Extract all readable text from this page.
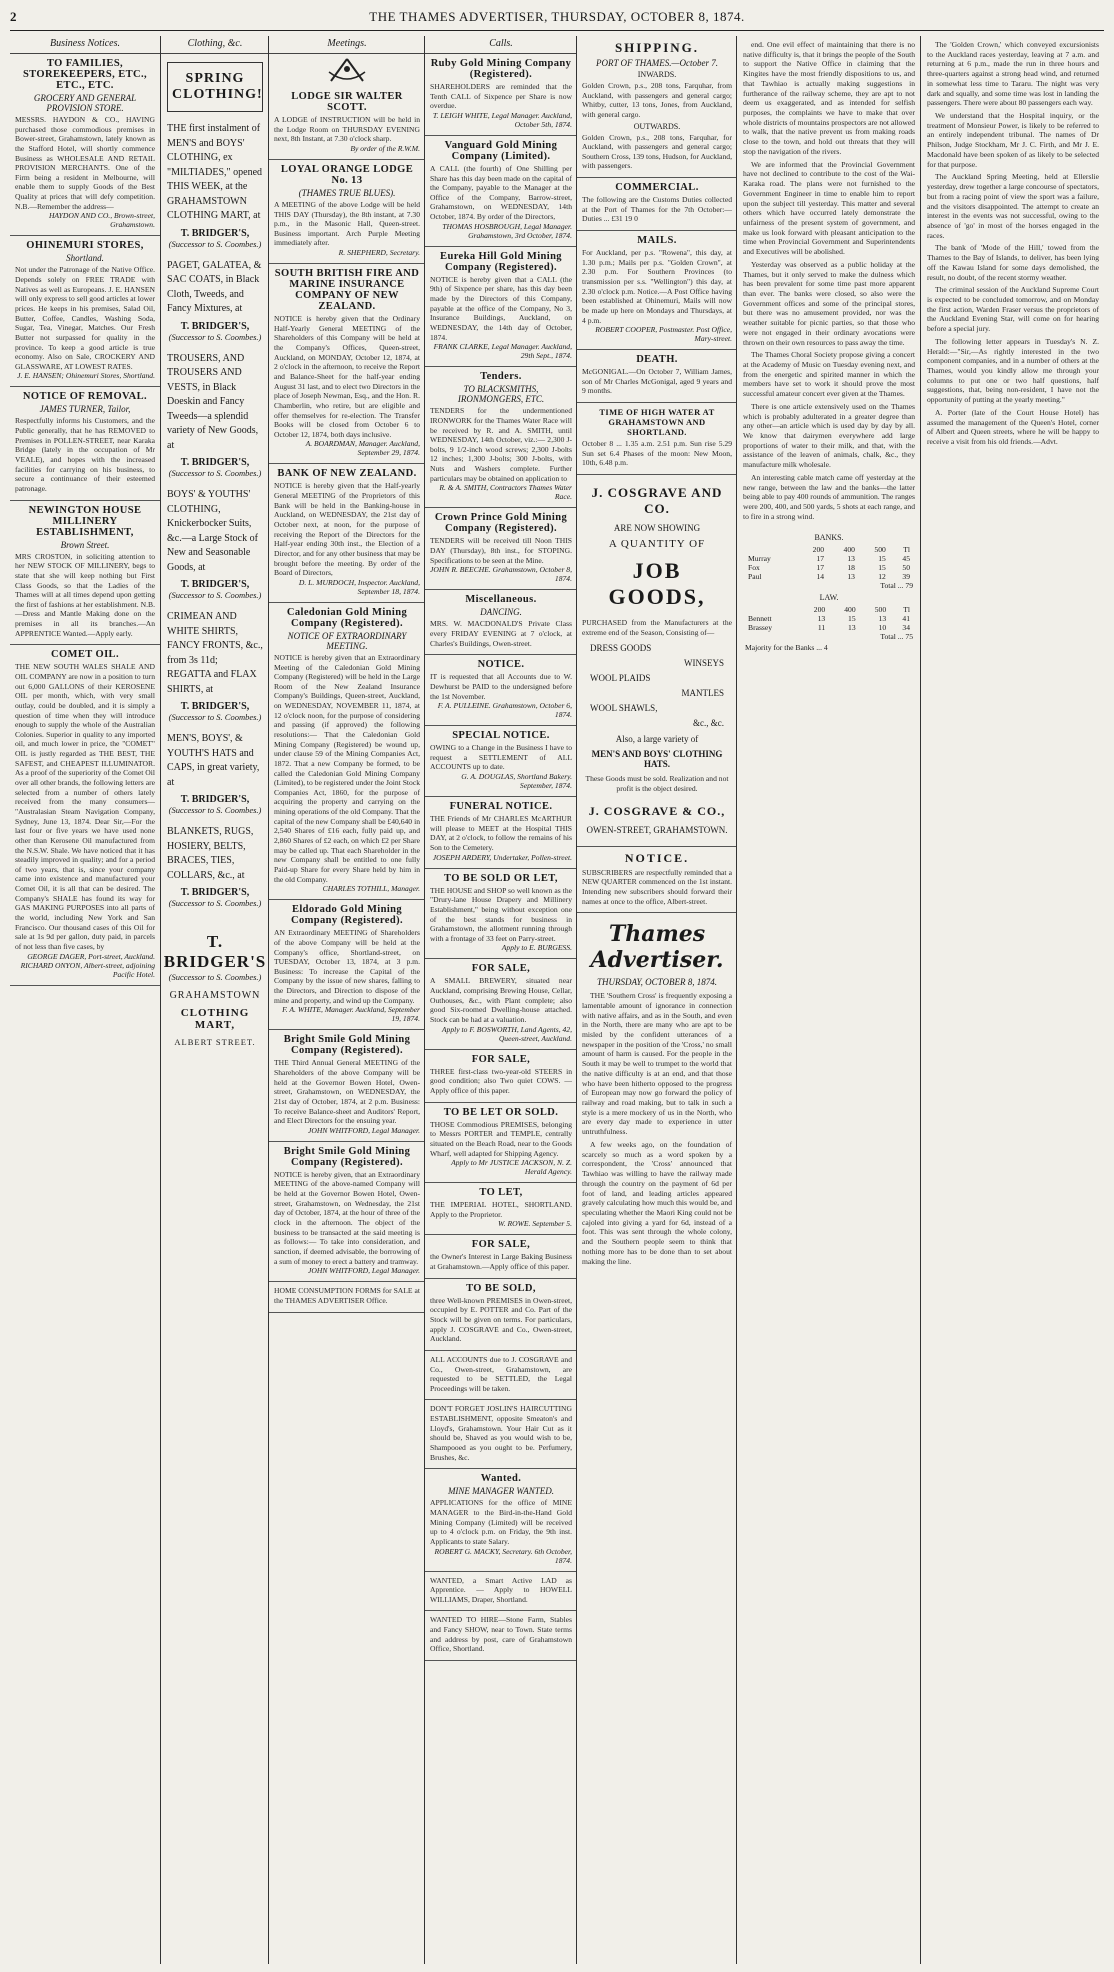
2	THE THAMES ADVERTISER, THURSDAY, OCTOBER 8, 1874.
Business Notices.
TO FAMILIES, STOREKEEPERS, ETC., ETC., ETC.
GROCERY AND GENERAL PROVISION STORE.

MESSRS. HAYDON & CO., HAVING purchased those commodious premises in Bower-street, Grahamstown, lately known as the Stafford Hotel, will shortly commence Business as WHOLESALE AND RETAIL PROVISION MERCHANTS. One of the Firm being a resident in Melbourne, will enable them to supply Goods of the Best Quality at prices that will defy competition. N.B.—Remember the address—

HAYDON AND CO., Brown-street, Grahamstown.
OHINEMURI STORES,
Shortland.

Not under the Patronage of the Native Office. Depends solely on FREE TRADE with Natives as well as Europeans. J. E. HANSEN will only express to sell good articles at lower prices. He keeps in his premises, Salad Oil, Butter, Coffee, Candles, Washing Soda, Sugar, Tea, Vinegar, Matches. Our Fresh Butter not surpassed for quality in the province. To keep a good article is true economy. Also on Sale, CROCKERY AND GLASSWARE, AT LOWEST RATES.

J. E. HANSEN; Ohinemuri Stores, Shortland.
NOTICE OF REMOVAL.
JAMES TURNER, Tailor,

Respectfully informs his Customers, and the Public generally, that he has REMOVED to Premises in POLLEN-STREET, near Karaka Bridge (lately in the occupation of Mr VEALE), and hopes with the increased facilities for carrying on his business, to secure a continuance of their esteemed patronage.

NEWINGTON HOUSE MILLINERY ESTABLISHMENT,
Brown Street.

MRS CROSTON, in soliciting attention to her NEW STOCK OF MILLINERY, begs to state that she will keep nothing but First Class Goods, so that the Ladies of the Thames will at all times depend upon getting the first of fashions at her establishment. N.B.—Dress and Mantle Making done on the premises in all its branches.—An APPRENTICE Wanted.—Apply early.

COMET OIL.

THE NEW SOUTH WALES SHALE AND OIL COMPANY are now in a position to turn out 6,000 GALLONS of their KEROSENE OIL per month, which, with very small outlay, could be doubled, and it is simply a question of time when they will introduce enough to supply the whole of the Australian Colonies. Superior in quality to any imported oil, and much lower in price, the "COMET" OIL is justly regarded as THE BEST, THE SAFEST, and CHEAPEST ILLUMINATOR. As a proof of the superiority of the Comet Oil over all other brands, the following letters are selected from a number of others lately received from the many consumers— "Australasian Steam Navigation Company, Sydney, June 13, 1874. Dear Sir,—For the last four or five years we have used none other than Kerosene Oil manufactured from the N.S.W. Shale. We have noticed that it has steadily improved in quality; and for a period of two years, that is, since your company came into existence and manufactured your Comet Oil, it is all that can be desired. The Company's SHALE has found its way for GAS MAKING PURPOSES into all parts of the world, including New York and San Francisco. Our thousand cases of this Oil for sale at 1s 9d per gallon, duty paid, in parcels of not less than five cases, by

GEORGE DAGER, Port-street, Auckland. RICHARD ONYON, Albert-street, adjoining Pacific Hotel.
Clothing, &c.
SPRING CLOTHING!
THE first instalment of MEN'S and BOYS' CLOTHING, ex "MILTIADES," opened THIS WEEK, at the GRAHAMSTOWN CLOTHING MART, at
T. BRIDGER'S,
(Successor to S. Coombes.)
PAGET, GALATEA, & SAC COATS, in Black Cloth, Tweeds, and Fancy Mixtures, at
T. BRIDGER'S,
(Successor to S. Coombes.)
TROUSERS, AND TROUSERS AND VESTS, in Black Doeskin and Fancy Tweeds—a splendid variety of New Goods, at
T. BRIDGER'S,
(Successor to S. Coombes.)
BOYS' & YOUTHS' CLOTHING, Knickerbocker Suits, &c.—a Large Stock of New and Seasonable Goods, at
T. BRIDGER'S,
(Successor to S. Coombes.)
CRIMEAN AND WHITE SHIRTS, FANCY FRONTS, &c., from 3s 11d; REGATTA and FLAX SHIRTS, at
T. BRIDGER'S,
(Successor to S. Coombes.)
MEN'S, BOYS', & YOUTH'S HATS and CAPS, in great variety, at
T. BRIDGER'S,
(Successor to S. Coombes.)
BLANKETS, RUGS, HOSIERY, BELTS, BRACES, TIES, COLLARS, &c., at
T. BRIDGER'S,
(Successor to S. Coombes.)
T. BRIDGER'S
(Successor to S. Coombes.)
GRAHAMSTOWN
CLOTHING MART,
ALBERT STREET.
Meetings.
LODGE SIR WALTER SCOTT.

A LODGE of INSTRUCTION will be held in the Lodge Room on THURSDAY EVENING next, 8th Instant, at 7.30 o'clock sharp.

By order of the R.W.M.
LOYAL ORANGE LODGE No. 13
(THAMES TRUE BLUES).

A MEETING of the above Lodge will be held THIS DAY (Thursday), the 8th instant, at 7.30 p.m., in the Masonic Hall, Queen-street. Business important. Arch Purple Meeting immediately after.

R. SHEPHERD, Secretary.
SOUTH BRITISH FIRE AND MARINE INSURANCE COMPANY OF NEW ZEALAND.

NOTICE is hereby given that the Ordinary Half-Yearly General MEETING of the Shareholders of this Company will be held at the Company's Offices, Queen-street, Auckland, on MONDAY, October 12, 1874, at 2 o'clock in the afternoon, to receive the Report and Balance-Sheet for the half-year ending August 31 last, and to elect two Directors in the place of Joseph Newman, Esq., and the Hon. R. Chamberlin, who retire, but are eligible and offer themselves for re-election. The Transfer Books will be closed from October 6 to October 12, 1874, both days inclusive.

A. BOARDMAN, Manager. Auckland, September 29, 1874.
BANK OF NEW ZEALAND.

NOTICE is hereby given that the Half-yearly General MEETING of the Proprietors of this Bank will be held in the Banking-house in Auckland, on WEDNESDAY, the 21st day of October next, at noon, for the purpose of receiving the Report of the Directors for the Half-year ending 30th inst., the Election of a Director, and for any other business that may be brought before the meeting. By order of the Board of Directors,

D. L. MURDOCH, Inspector. Auckland, September 18, 1874.
Caledonian Gold Mining Company (Registered).
NOTICE OF EXTRAORDINARY MEETING.

NOTICE is hereby given that an Extraordinary Meeting of the Caledonian Gold Mining Company (Registered) will be held in the Large Room of the New Zealand Insurance Company's Buildings, Queen-street, Auckland, on WEDNESDAY, NOVEMBER 11, 1874, at 12 o'clock noon, for the purpose of considering and passing (if approved) the following resolutions:— That the Caledonian Gold Mining Company (Registered) be wound up, under clause 59 of the Mining Companies Act, 1872. That a new Company be formed, to be called the Caledonian Gold Mining Company (Limited), to be registered under the Joint Stock Companies Act, 1860, for the purpose of acquiring the property and carrying on the mining operations of the old Company. That the capital of the new Company shall be £40,640 in 2,540 Shares of £16 each, fully paid up, and 2,860 Shares of £2 each, on which £2 per Share may be called up. That each Shareholder in the new Company shall be entitled to one fully Paid-up Share for every Share held by him in the old Company.

CHARLES TOTHILL, Manager.
Eldorado Gold Mining Company (Registered).

AN Extraordinary MEETING of Shareholders of the above Company will be held at the Company's office, Shortland-street, on TUESDAY, October 13, 1874, at 3 p.m. Business: To increase the Capital of the Company by the issue of new shares, falling to the Directors, and Direction to dispose of the mine and property, and wind up the Company.

F. A. WHITE, Manager. Auckland, September 19, 1874.
Bright Smile Gold Mining Company (Registered).

THE Third Annual General MEETING of the Shareholders of the above Company will be held at the Governor Bowen Hotel, Owen-street, Grahamstown, on WEDNESDAY, the 21st day of October, 1874, at 2 p.m. Business: To receive Balance-sheet and Auditors' Report, and Elect Directors for the ensuing year.

JOHN WHITFORD, Legal Manager.
Bright Smile Gold Mining Company (Registered).

NOTICE is hereby given, that an Extraordinary MEETING of the above-named Company will be held at the Governor Bowen Hotel, Owen-street, Grahamstown, on Wednesday, the 21st day of October, 1874, at the hour of three of the clock in the afternoon. The object of the business to be transacted at the said meeting is as follows:— To take into consideration, and sanction, if deemed advisable, the borrowing of a sum of money to erect a battery and tramway.

JOHN WHITFORD, Legal Manager.

HOME CONSUMPTION FORMS for SALE at the THAMES ADVERTISER Office.

Calls.
Ruby Gold Mining Company (Registered).

SHAREHOLDERS are reminded that the Tenth CALL of Sixpence per Share is now overdue.

T. LEIGH WHITE, Legal Manager. Auckland, October 5th, 1874.
Vanguard Gold Mining Company (Limited).

A CALL (the fourth) of One Shilling per Share has this day been made on the capital of the Company, payable to the Manager at the Office of the Company, Barrow-street, Grahamstown, on WEDNESDAY, 14th October, 1874. By order of the Directors,

THOMAS HOSBROUGH, Legal Manager. Grahamstown, 3rd October, 1874.
Eureka Hill Gold Mining Company (Registered).

NOTICE is hereby given that a CALL (the 9th) of Sixpence per share, has this day been made by the Directors of this Company, payable at the office of the Company, No 3, Insurance Buildings, Auckland, on WEDNESDAY, the 14th day of October, 1874.

FRANK CLARKE, Legal Manager. Auckland, 29th Sept., 1874.
Tenders.
TO BLACKSMITHS, IRONMONGERS, ETC.

TENDERS for the undermentioned IRONWORK for the Thames Water Race will be received by R. and A. SMITH, until WEDNESDAY, 14th October, viz.:— 2,300 J-bolts, 9 1/2-inch wood screws; 2,300 J-bolts 12 inches; 1,300 J-bolts; 300 J-bolts, with Nuts and Washers complete. Further particulars may be obtained on application to

R. & A. SMITH, Contractors Thames Water Race.
Crown Prince Gold Mining Company (Registered).

TENDERS will be received till Noon THIS DAY (Thursday), 8th inst., for STOPING. Specifications to be seen at the Mine.

JOHN R. BEECHE. Grahamstown, October 8, 1874.
Miscellaneous.
DANCING.

MRS. W. MACDONALD'S Private Class every FRIDAY EVENING at 7 o'clock, at Charles's Buildings, Owen-street.

NOTICE.

IT is requested that all Accounts due to W. Dewhurst be PAID to the undersigned before the 1st November.

F. A. PULLEINE. Grahamstown, October 6, 1874.
SPECIAL NOTICE.

OWING to a Change in the Business I have to request a SETTLEMENT of ALL ACCOUNTS up to date.

G. A. DOUGLAS, Shortland Bakery. September, 1874.
FUNERAL NOTICE.

THE Friends of Mr CHARLES McARTHUR will please to MEET at the Hospital THIS DAY, at 2 o'clock, to follow the remains of his Son to the Cemetery.

JOSEPH ARDERY, Undertaker, Pollen-street.
TO BE SOLD OR LET,

THE HOUSE and SHOP so well known as the "Drury-lane House Drapery and Millinery Establishment," being without exception one of the best stands for business in Grahamstown, the allotment running through with a frontage of 33 feet on Parry-street.

Apply to E. BURGESS.
FOR SALE,

A SMALL BREWERY, situated near Auckland, comprising Brewing House, Cellar, Outhouses, &c., with Plant complete; also good Six-roomed Dwelling-house attached. Stock can be had at a valuation.

Apply to F. BOSWORTH, Land Agents, 42, Queen-street, Auckland.
FOR SALE,

THREE first-class two-year-old STEERS in good condition; also Two quiet COWS. —Apply office of this paper.

TO BE LET OR SOLD.

THOSE Commodious PREMISES, belonging to Messrs PORTER and TEMPLE, centrally situated on the Beach Road, near to the Goods Wharf, well adapted for Shipping Agency.

Apply to Mr JUSTICE JACKSON, N. Z. Herald Agency.
TO LET,

THE IMPERIAL HOTEL, SHORTLAND. Apply to the Proprietor.

W. ROWE. September 5.
FOR SALE,

the Owner's Interest in Large Baking Business at Grahamstown.—Apply office of this paper.

TO BE SOLD,

three Well-known PREMISES in Owen-street, occupied by E. POTTER and Co. Part of the Stock will be given on terms. For particulars, apply J. COSGRAVE and Co., Owen-street, Auckland.

ALL ACCOUNTS due to J. COSGRAVE and Co., Owen-street, Grahamstown, are requested to be SETTLED, the Legal Proceedings will be taken.

DON'T FORGET JOSLIN'S HAIRCUTTING ESTABLISHMENT, opposite Smeaton's and Lloyd's, Grahamstown. Your Hair Cut as it should be, Shaved as you would wish to be, Shampooed as you ought to be. Perfumery, Brushes, &c.

Wanted.
MINE MANAGER WANTED.

APPLICATIONS for the office of MINE MANAGER to the Bird-in-the-Hand Gold Mining Company (Limited) will be received up to 4 o'clock p.m. on Friday, the 9th inst. Applicants to state Salary.

ROBERT G. MACKY, Secretary. 6th October, 1874.

WANTED, a Smart Active LAD as Apprentice. — Apply to HOWELL WILLIAMS, Draper, Shortland.

WANTED TO HIRE—Stone Farm, Stables and Fancy SHOW, near to Town. State terms and address by post, care of Grahamstown Office, Shortland.

SHIPPING.
PORT OF THAMES.—October 7.
INWARDS.

Golden Crown, p.s., 208 tons, Farquhar, from Auckland, with passengers and general cargo; Whitby, cutter, 13 tons, Jones, from Auckland, with general cargo.

OUTWARDS.

Golden Crown, p.s., 208 tons, Farquhar, for Auckland, with passengers and general cargo; Southern Cross, 139 tons, Hudson, for Auckland, with passengers.

COMMERCIAL.

The following are the Customs Duties collected at the Port of Thames for the 7th October:— Duties ... £31 19 0

MAILS.

For Auckland, per p.s. "Rowena", this day, at 1.30 p.m.; Mails per p.s. "Golden Crown", at 2.30 p.m. For Southern Provinces (to transmission per s.s. "Wellington") this day, at 2.30 o'clock p.m. Notice.—A Post Office having been established at Ohinemuri, Mails will now be made up here on Mondays and Thursdays, at 4 p.m.

ROBERT COOPER, Postmaster. Post Office, Mary-street.
DEATH.

McGONIGAL.—On October 7, William James, son of Mr Charles McGonigal, aged 9 years and 9 months.

TIME OF HIGH WATER AT GRAHAMSTOWN AND SHORTLAND.

October 8 ... 1.35 a.m. 2.51 p.m. Sun rise 5.29 Sun set 6.4 Phases of the moon: New Moon, 10th, 6.48 p.m.

J. COSGRAVE AND CO.
ARE NOW SHOWING
A QUANTITY OF
JOB GOODS,

PURCHASED from the Manufacturers at the extreme end of the Season, Consisting of—

DRESS GOODS
WINSEYS
WOOL PLAIDS
MANTLES
WOOL SHAWLS,
&c., &c.
Also, a large variety of
MEN'S AND BOYS' CLOTHING HATS.

These Goods must be sold. Realization and not profit is the object desired.

J. COSGRAVE & CO.,
OWEN-STREET, GRAHAMSTOWN.
NOTICE.

SUBSCRIBERS are respectfully reminded that a NEW QUARTER commenced on the 1st instant. Intending new subscribers should forward their names at once to the office, Albert-street.

Thames Advertiser.
THURSDAY, OCTOBER 8, 1874.

THE 'Southern Cross' is frequently exposing a lamentable amount of ignorance in connection with native affairs, and as in the South, and even in the North, there are many who are apt to be misled by the confident utterances of a newspaper in the position of the 'Cross,' no small amount of harm is caused. For the people in the South it may be well to trumpet to the world that the native difficulty is at an end, and that those who have been hitherto opposed to the progress of European may now go forward the policy of railway and road making, but to talk in such a style is a mere mockery of us in the North, who are every day made to experience in utter untruthfulness.

A few weeks ago, on the foundation of scarcely so much as a word spoken by a correspondent, the 'Cross' announced that Tawhiao was willing to have the railway made through the country on the payment of 6d per foot of land, and leading articles appeared gravely calculating how much this would be, and speculating whether the Maori King could not be cajoled into giving a yard for 6d, instead of a foot. This was sent through the whole colony, and the Southern people seem to think that nothing more has to be done than to set about making the line.

end. One evil effect of maintaining that there is no native difficulty is, that it brings the people of the South to support the Native Office in claiming that the Kingites have the most friendly dispositions to us, and that Tawhiao is actually making suggestions in furtherance of the railway scheme, they are apt to not deem us exaggerated, and as intended for selfish purposes, the complaints we have to make that over whole districts of mountains prospectors are not allowed to walk, that the native prevent us from making roads close to the town, and hold out threats that they will stop the navigation of the rivers.

We are informed that the Provincial Government have not declined to contribute to the cost of the Wai-Karaka road. The plans were not furnished to the Government Engineer in time to enable him to report upon the subject till yesterday. This matter and several others which have occurred lately demonstrate the unfairness of the present system of government, and make us look forward with pleasant anticipation to the time when Provincial Government and Superintendents and Executives will be abolished.

Yesterday was observed as a public holiday at the Thames, but it only served to make the dulness which has been prevalent for some time past more apparent than ever. The banks were closed, so also were the Government offices and some of the principal stores, but there was no amusement provided, nor was the weather suitable for picnic parties, so that those who were not engaged in their ordinary avocations were thrown on their own resources to pass away the time.

The Thames Choral Society propose giving a concert at the Academy of Music on Tuesday evening next, and from the energetic and spirited manner in which the members have set to work it should prove the most successful amateur concert ever given at the Thames.

There is one article extensively used on the Thames which is probably adulterated in a greater degree than any other—an article which is used day by day by all. We know that dairymen everywhere add large proportions of water to their milk, and that, with the assistance of the leaven of animals, chalk, &c., they manufacture milk wholesale.

An interesting cable match came off yesterday at the new range, between the law and the banks—the latter being able to pay 400 rounds of ammunition. The ranges were 200, 400, and 500 yards, 5 shots at each range, and to fire in a strong wind.

BANKS.
	200	400	500	Tl
Murray	17	13	15	45
Fox	17	18	15	50
Paul	14	13	12	39
Total ... 79
LAW.
	200	400	500	Tl
Bennett	13	15	13	41
Brassey	11	13	10	34
Total ... 75
Majority for the Banks ... 4

The 'Golden Crown,' which conveyed excursionists to the Auckland races yesterday, leaving at 7 a.m. and returning at 6 p.m., made the run in three hours and three-quarters against a strong head wind, and returned in somewhat less time to Tararu. The night was very dark and squally, and some time was lost in landing the passengers. There were about 80 passengers each way.

We understand that the Hospital inquiry, or the treatment of Monsieur Power, is likely to be referred to an entirely independent tribunal. The names of Dr Philson, Judge Stockham, Mr J. C. Firth, and Mr J. E. Macdonald have been spoken of as likely to be selected for that purpose.

The Auckland Spring Meeting, held at Ellerslie yesterday, drew together a large concourse of spectators, but from a racing point of view the sport was a failure, and the visitors disappointed. The attempt to create an interest in the events was not successful, owing to the absence of 'go' in most of the horses engaged in the races.

The bank of 'Mode of the Hill,' towed from the Thames to the Bay of Islands, to deliver, has been lying off the Kawau Island for some days demolished, the result, no doubt, of the recent stormy weather.

The criminal session of the Auckland Supreme Court is expected to be concluded tomorrow, and on Monday the first action, Warden Fraser versus the proprietors of the Auckland Evening Star, will come on for hearing before a special jury.

The following letter appears in Tuesday's N. Z. Herald:—"Sir,—As rightly interested in the two component companies, and in a number of others at the Thames, would you kindly allow me through your columns to put one or two half questions, half suggestions, that, being non-resident, I have not the opportunity of putting at the yearly meeting."

A. Porter (late of the Court House Hotel) has assumed the management of the Queen's Hotel, corner of Albert and Queen streets, where he will be happy to receive a visit from his old friends.—Advt.
